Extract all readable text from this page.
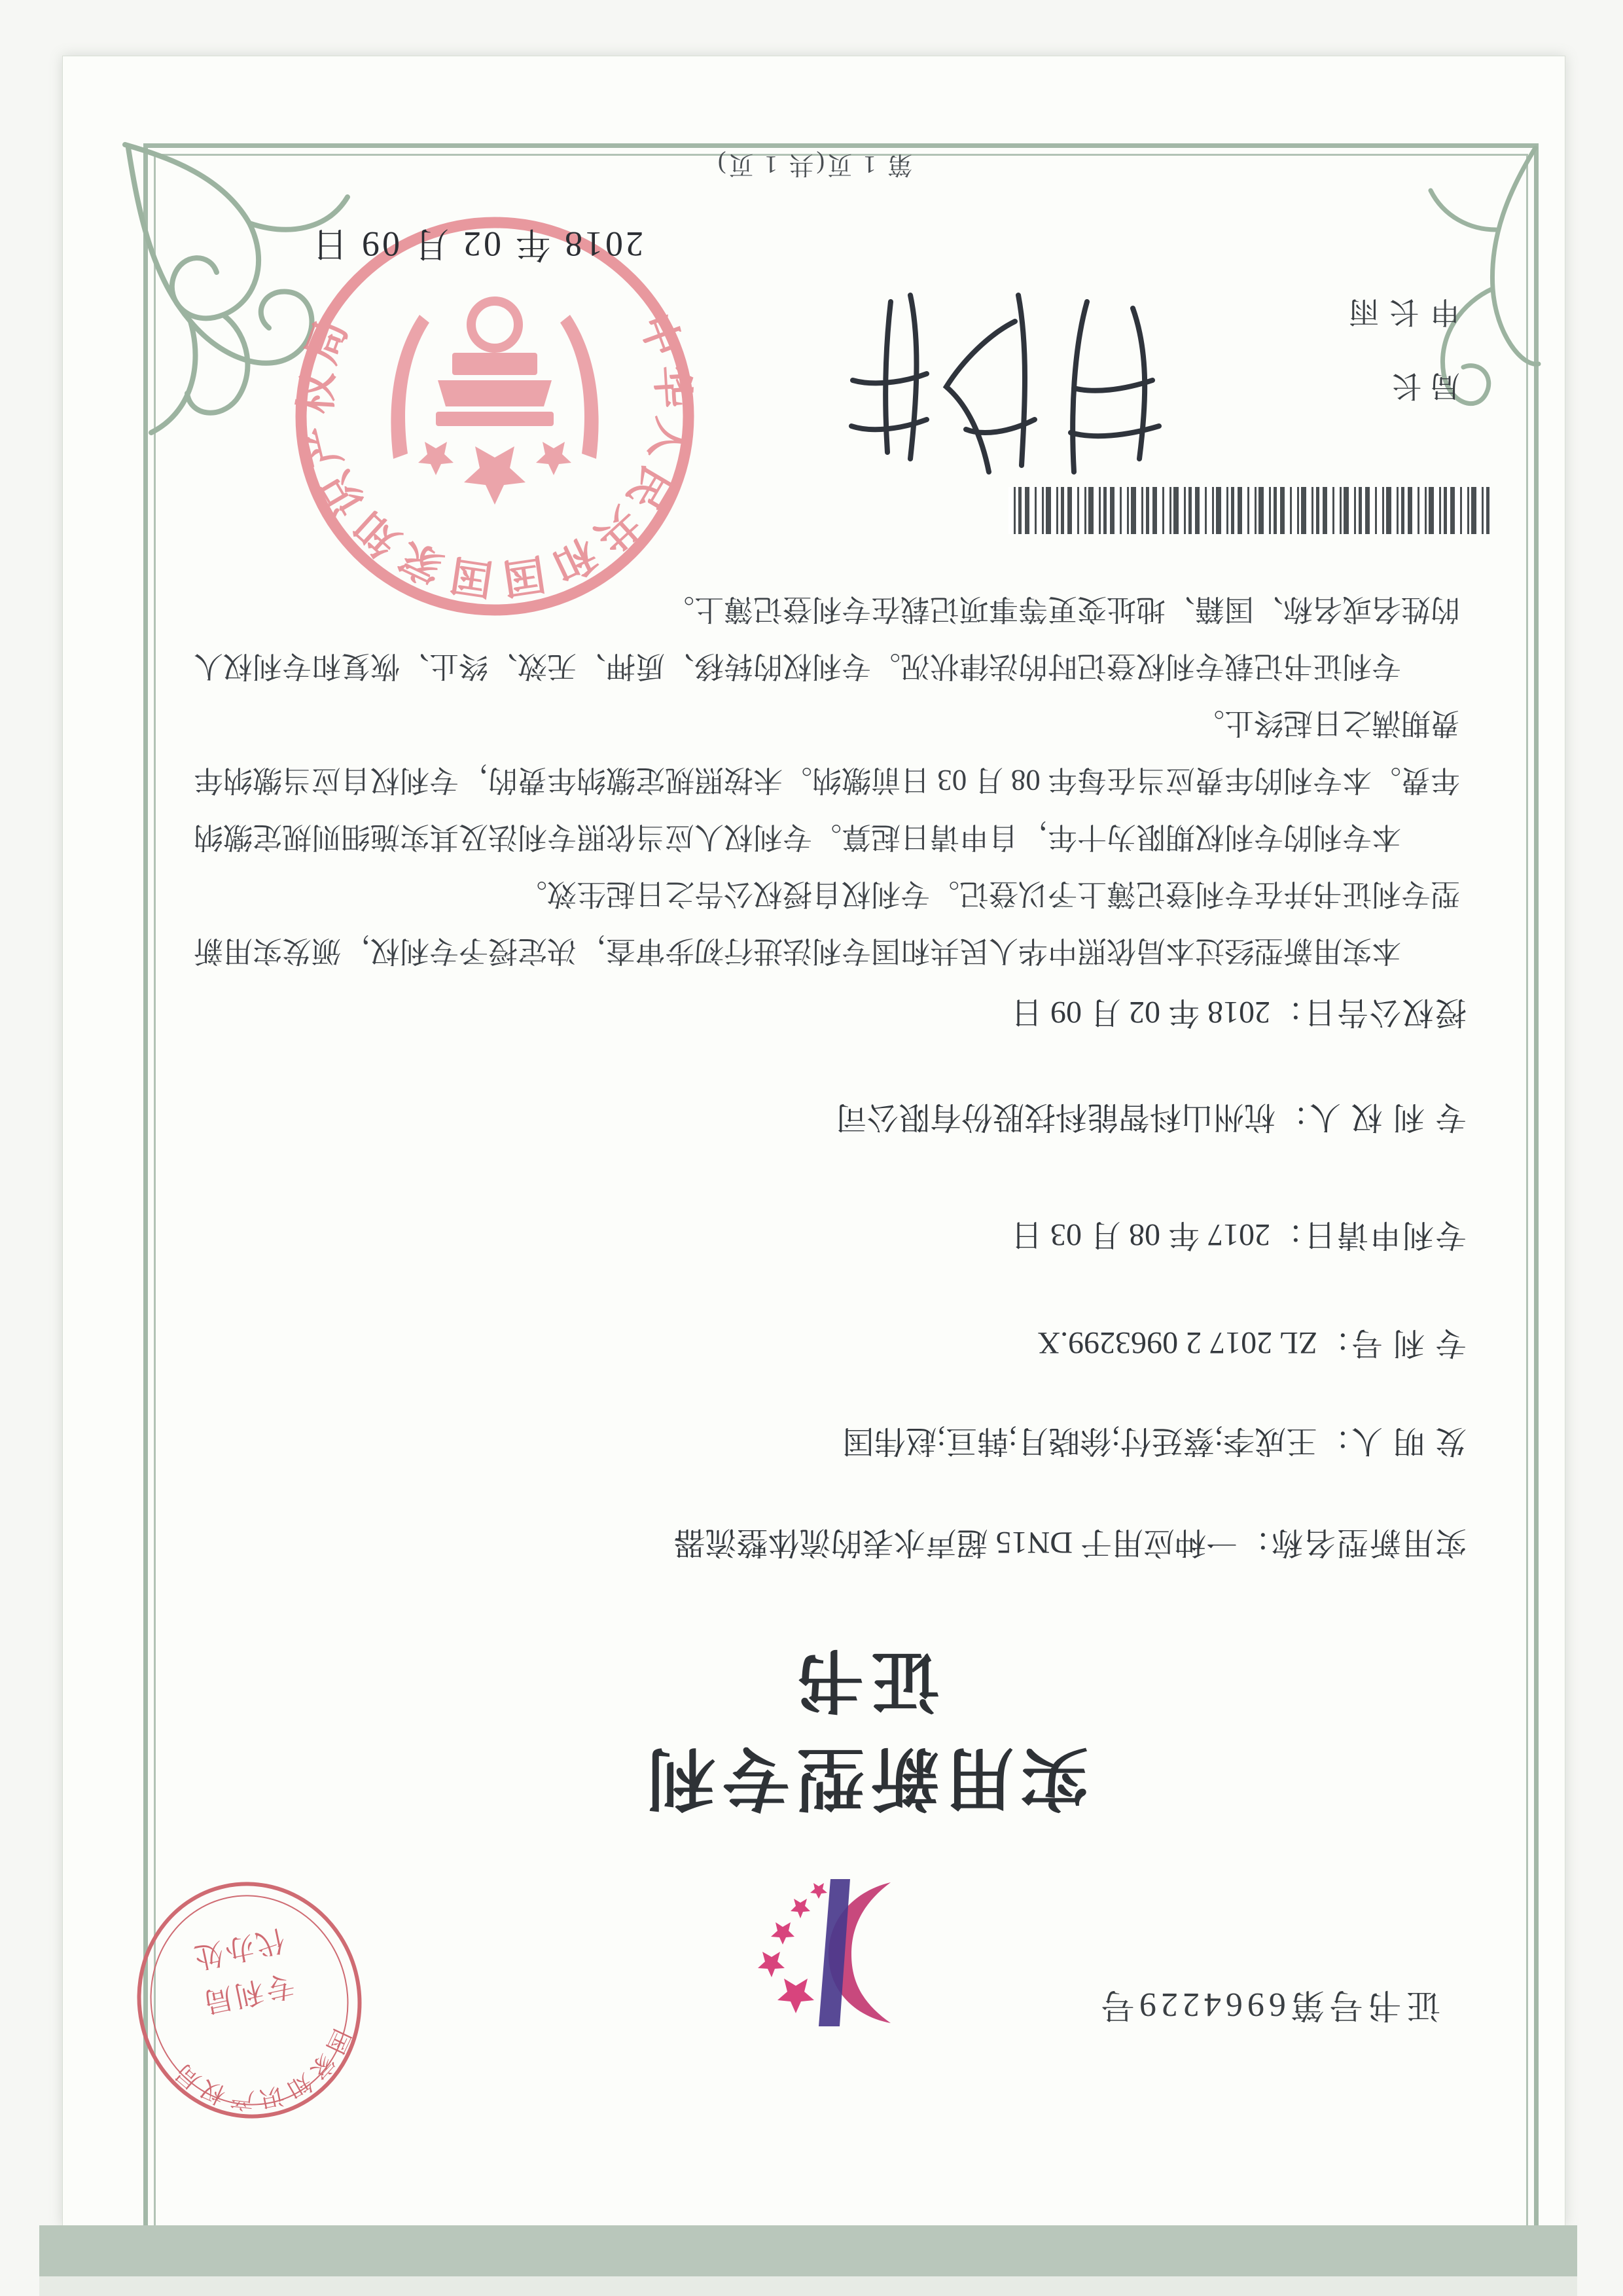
证书号第6964229号
国家知识产权局
专利局
代办处
实用新型专利证书
实用新型名称：一种应用于 DN15 超声水表的流体整流器
发 明 人：王成李;蔡廷付;徐晓月;韩亘;赵伟国
专 利 号：ZL 2017 2 0963299.X
专利申请日：2017 年 08 月 03 日
专 利 权 人：杭州山科智能科技股份有限公司
授权公告日：2018 年 02 月 09 日

本实用新型经过本局依照中华人民共和国专利法进行初步审查，决定授予专利权，颁发实用新型专利证书并在专利登记簿上予以登记。专利权自授权公告之日起生效。

本专利的专利权期限为十年，自申请日起算。专利权人应当依照专利法及其实施细则规定缴纳年费。本专利的年费应当在每年 08 月 03 日前缴纳。未按照规定缴纳年费的，专利权自应当缴纳年费期满之日起终止。

专利证书记载专利权登记时的法律状况。专利权的转移、质押、无效、终止、恢复和专利权人的姓名或名称、国籍、地址变更等事项记载在专利登记簿上。

局长
申长雨
中华人民共和国国家知识产权局
2018 年 02 月 09 日
第 1 页(共 1 页)
